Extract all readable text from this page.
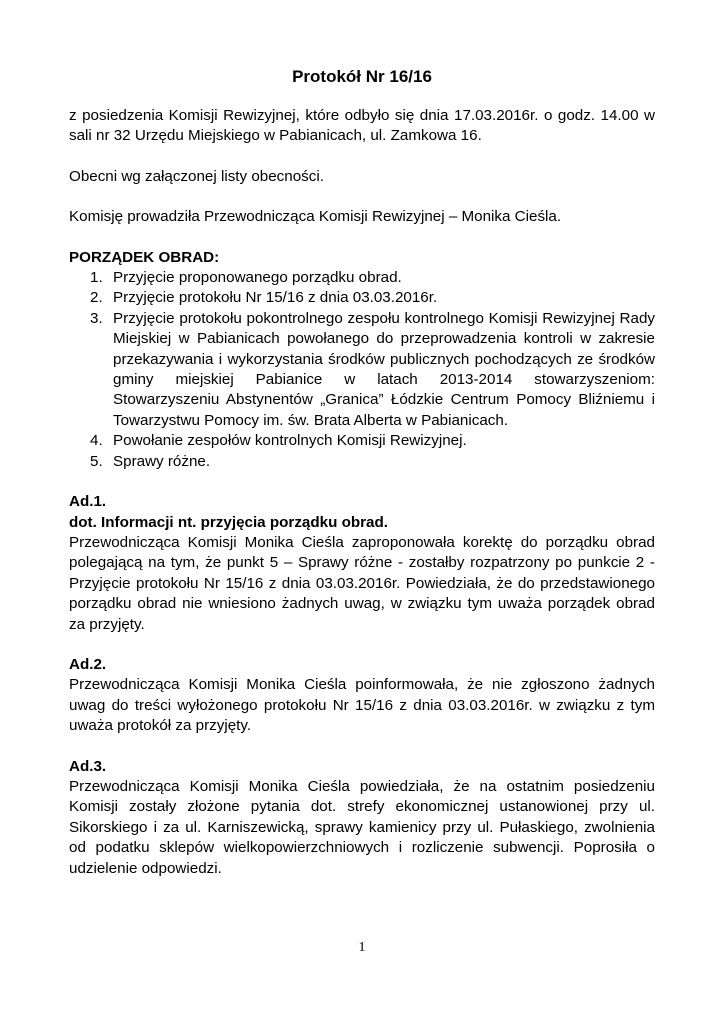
Protokół Nr 16/16

z posiedzenia Komisji Rewizyjnej, które odbyło się dnia 17.03.2016r. o godz. 14.00 w sali nr 32 Urzędu Miejskiego w Pabianicach, ul. Zamkowa 16.

Obecni wg załączonej listy obecności.

Komisję prowadziła Przewodnicząca Komisji Rewizyjnej – Monika Cieśla.

PORZĄDEK OBRAD:

1. Przyjęcie proponowanego porządku obrad.
2. Przyjęcie protokołu Nr 15/16 z dnia 03.03.2016r.
3. Przyjęcie protokołu pokontrolnego zespołu kontrolnego Komisji Rewizyjnej Rady Miejskiej w Pabianicach powołanego do przeprowadzenia kontroli w zakresie przekazywania i wykorzystania środków publicznych pochodzących ze środków gminy miejskiej Pabianice w latach 2013-2014 stowarzyszeniom: Stowarzyszeniu Abstynentów „Granica” Łódzkie Centrum Pomocy Bliźniemu i Towarzystwu Pomocy im. św. Brata Alberta w Pabianicach.
4. Powołanie zespołów kontrolnych Komisji Rewizyjnej.
5. Sprawy różne.

Ad.1.

dot. Informacji nt. przyjęcia porządku obrad.

Przewodnicząca Komisji Monika Cieśla zaproponowała korektę do porządku obrad polegającą na tym, że punkt 5 – Sprawy różne - zostałby rozpatrzony po punkcie 2 - Przyjęcie protokołu Nr 15/16 z dnia 03.03.2016r. Powiedziała, że do przedstawionego porządku obrad nie wniesiono żadnych uwag, w związku tym uważa porządek obrad za przyjęty.

Ad.2.

Przewodnicząca Komisji Monika Cieśla poinformowała, że nie zgłoszono żadnych uwag do treści wyłożonego protokołu Nr 15/16 z dnia 03.03.2016r. w związku z tym uważa protokół za przyjęty.

Ad.3.

Przewodnicząca Komisji Monika Cieśla powiedziała, że na ostatnim posiedzeniu Komisji zostały złożone pytania dot. strefy ekonomicznej ustanowionej przy ul. Sikorskiego i za ul. Karniszewicką, sprawy kamienicy przy ul. Pułaskiego, zwolnienia od podatku sklepów wielkopowierzchniowych i rozliczenie subwencji. Poprosiła o udzielenie odpowiedzi.

1
